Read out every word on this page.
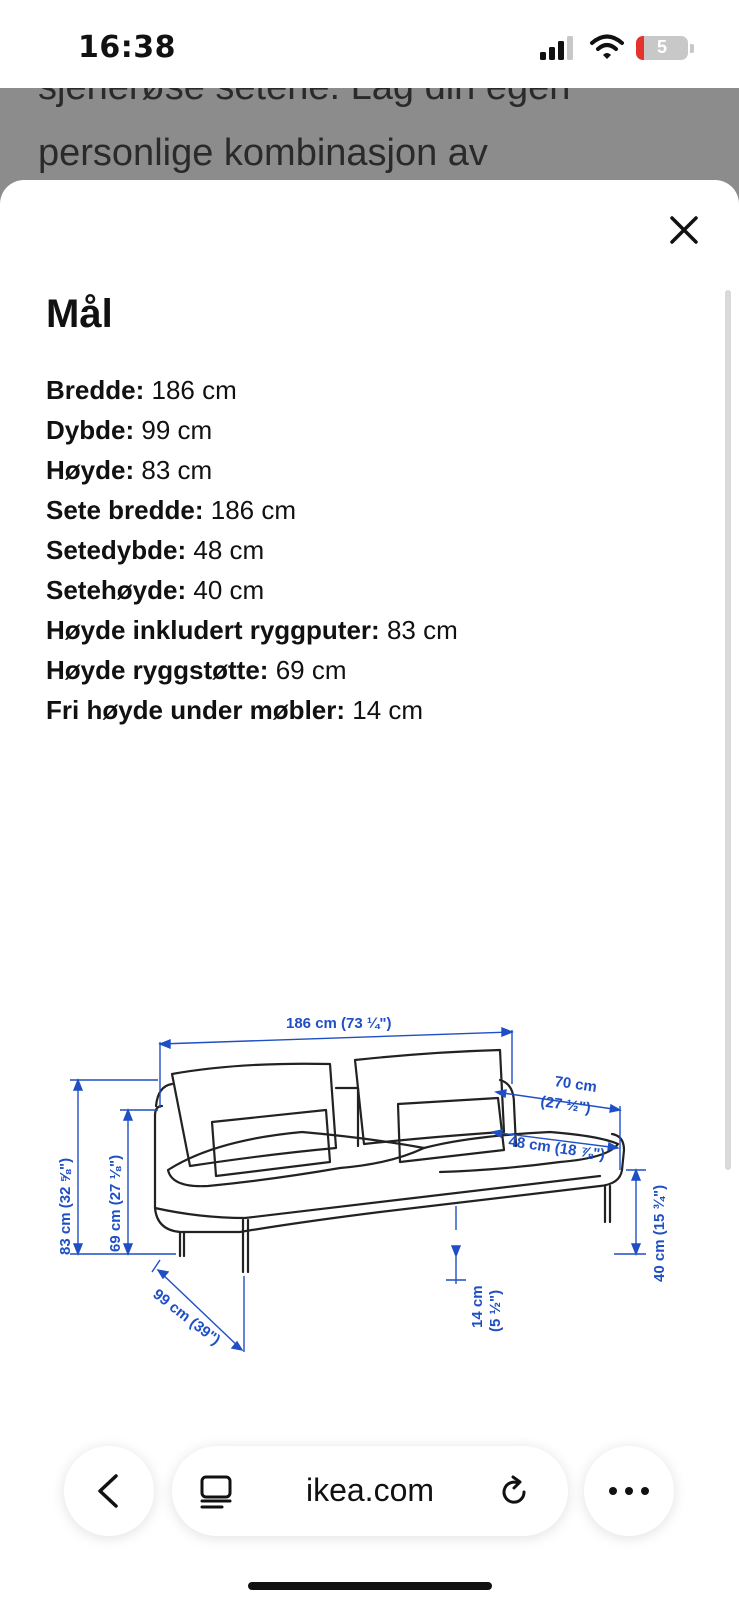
16:38	5
personlige kombinasjon av
Mål
Bredde: 186 cm
Dybde: 99 cm
Høyde: 83 cm
Sete bredde: 186 cm
Setedybde: 48 cm
Setehøyde: 40 cm
Høyde inkludert ryggputer: 83 cm
Høyde ryggstøtte: 69 cm
Fri høyde under møbler: 14 cm
186 cm (73 ¼")
70 cm
(27 ½")
48 cm (18 ⅞")
83 cm (32 ⅝") 69 cm (27 ⅛")	40 cm (15 ¾")
14 cm (5 ½")
99 cm (39")
ikea.com
